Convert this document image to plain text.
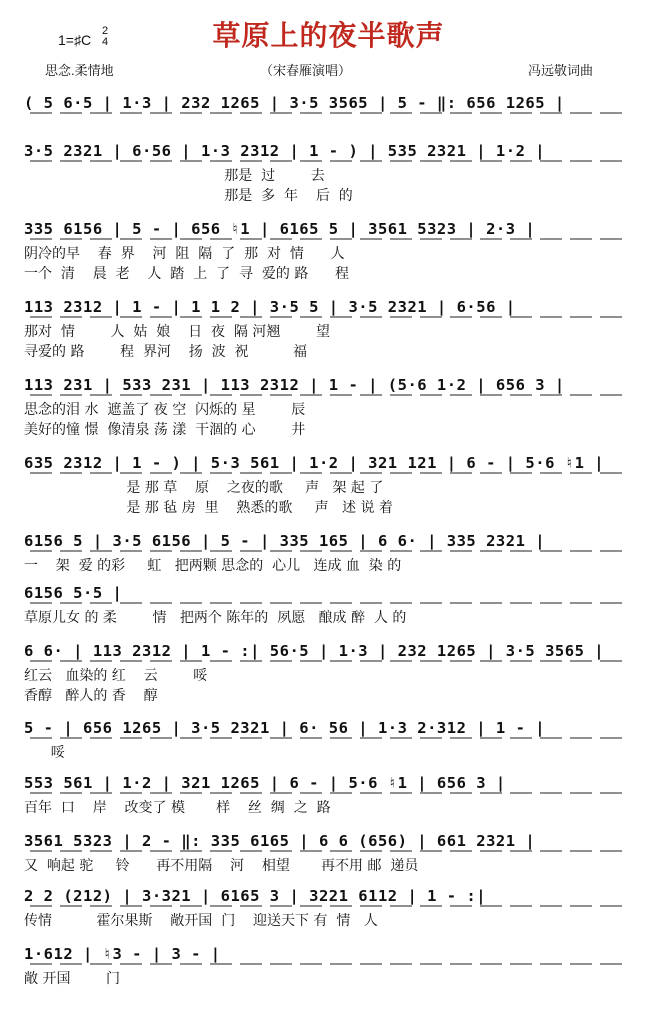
草原上的夜半歌声
1=♯C
2
4
思念.柔情地	（宋春雁演唱）	冯远敬词曲
( 5 6·5 | 1·3 | 232 1265 | 3·5 3565 | 5 - ‖: 656 1265 |
3·5 2321 | 6·56 | 1·3 2312 | 1 - ) | 535 2321 | 1·2 |
那是  过        去
那是  多  年    后  的
335 6156 | 5 - | 656 ♮1 | 6165 5 | 3561 5323 | 2·3 |
阴冷的早    春  界    河  阻  隔  了  那  对  情      人
一个  清    晨  老    人  踏  上  了  寻  爱的 路      程
113 2312 | 1 - | 1 1 2 | 3·5 5 | 3·5 2321 | 6·56 |
那对  情        人  姑  娘    日  夜  隔 河翘        望
寻爱的 路        程  界河    扬  波  祝          福
113 231 | 533 231 | 113 2312 | 1 - | (5·6 1·2 | 656 3 |
思念的泪 水  遮盖了 夜 空  闪烁的 星        辰
美好的憧 憬  像清泉 荡 漾  干涸的 心        井
635 2312 | 1 - ) | 5·3 561 | 1·2 | 321 121 | 6 - | 5·6 ♮1 |
是 那 草    原    之夜的歌     声   架 起 了
是 那 毡 房  里    熟悉的歌     声   述 说 着
6156 5 | 3·5 6156 | 5 - | 335 165 | 6 6· | 335 2321 |
一    架  爱 的彩     虹   把两颗 思念的  心儿   连成 血  染 的
6156 5·5 |
草原儿女 的 柔        情   把两个 陈年的  夙愿   酿成 醉  人 的
6 6· | 113 2312 | 1 - :| 56·5 | 1·3 | 232 1265 | 3·5 3565 |
红云   血染的 红    云        哸
香醇   醉人的 香    醇
5 - | 656 1265 | 3·5 2321 | 6· 56 | 1·3 2·312 | 1 - |
哸
553 561 | 1·2 | 321 1265 | 6 - | 5·6 ♮1 | 656 3 |
百年  口    岸    改变了 模       样    丝  绸  之  路
3561 5323 | 2 - ‖: 335 6165 | 6 6 (656) | 661 2321 |
又  响起 驼     铃      再不用隔    河    相望       再不用 邮  递员
2 2 (212) | 3·321 | 6165 3 | 3221 6112 | 1 - :|
传情          霍尔果斯    敞开国  门    迎送天下 有  情   人
1·612 | ♮3 - | 3 - |
敞 开国        门
